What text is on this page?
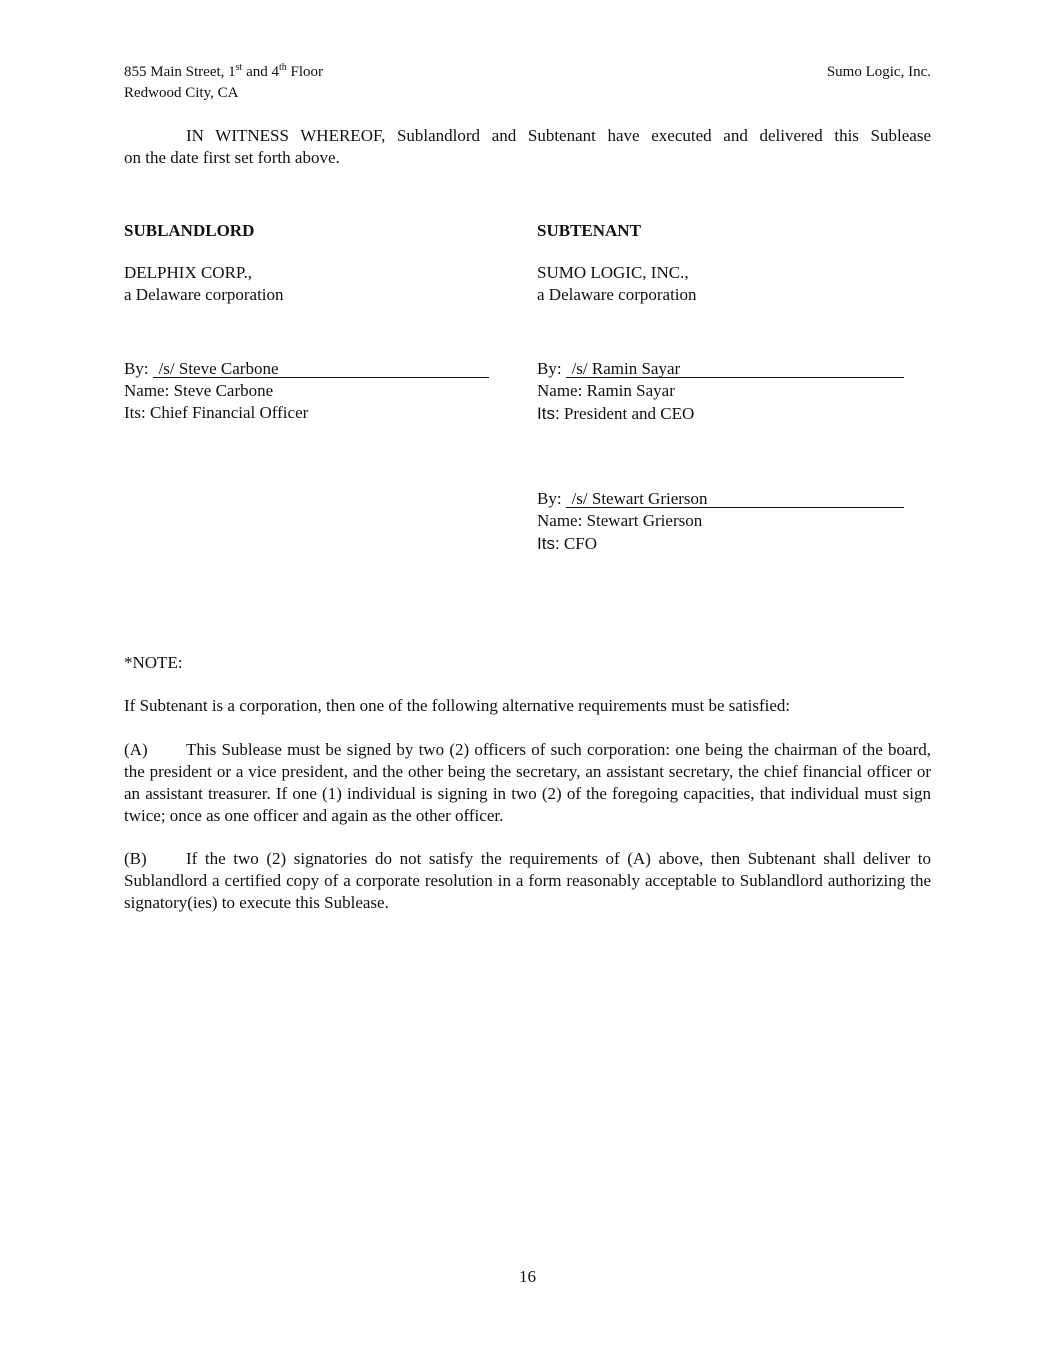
855 Main Street, 1st and 4th Floor
Redwood City, CA
Sumo Logic, Inc.
IN WITNESS WHEREOF, Sublandlord and Subtenant have executed and delivered this Sublease
on the date first set forth above.
SUBLANDLORD
DELPHIX CORP.,
a Delaware corporation
By: /s/ Steve Carbone
Name: Steve Carbone
Its: Chief Financial Officer
SUBTENANT
SUMO LOGIC, INC.,
a Delaware corporation
By: /s/ Ramin Sayar
Name: Ramin Sayar
Its: President and CEO
By: /s/ Stewart Grierson
Name: Stewart Grierson
Its: CFO
*NOTE:
If Subtenant is a corporation, then one of the following alternative requirements must be satisfied:
(A) This Sublease must be signed by two (2) officers of such corporation: one being the chairman of the board, the president or a vice president, and the other being the secretary, an assistant secretary, the chief financial officer or an assistant treasurer. If one (1) individual is signing in two (2) of the foregoing capacities, that individual must sign twice; once as one officer and again as the other officer.
(B) If the two (2) signatories do not satisfy the requirements of (A) above, then Subtenant shall deliver to Sublandlord a certified copy of a corporate resolution in a form reasonably acceptable to Sublandlord authorizing the signatory(ies) to execute this Sublease.
16
